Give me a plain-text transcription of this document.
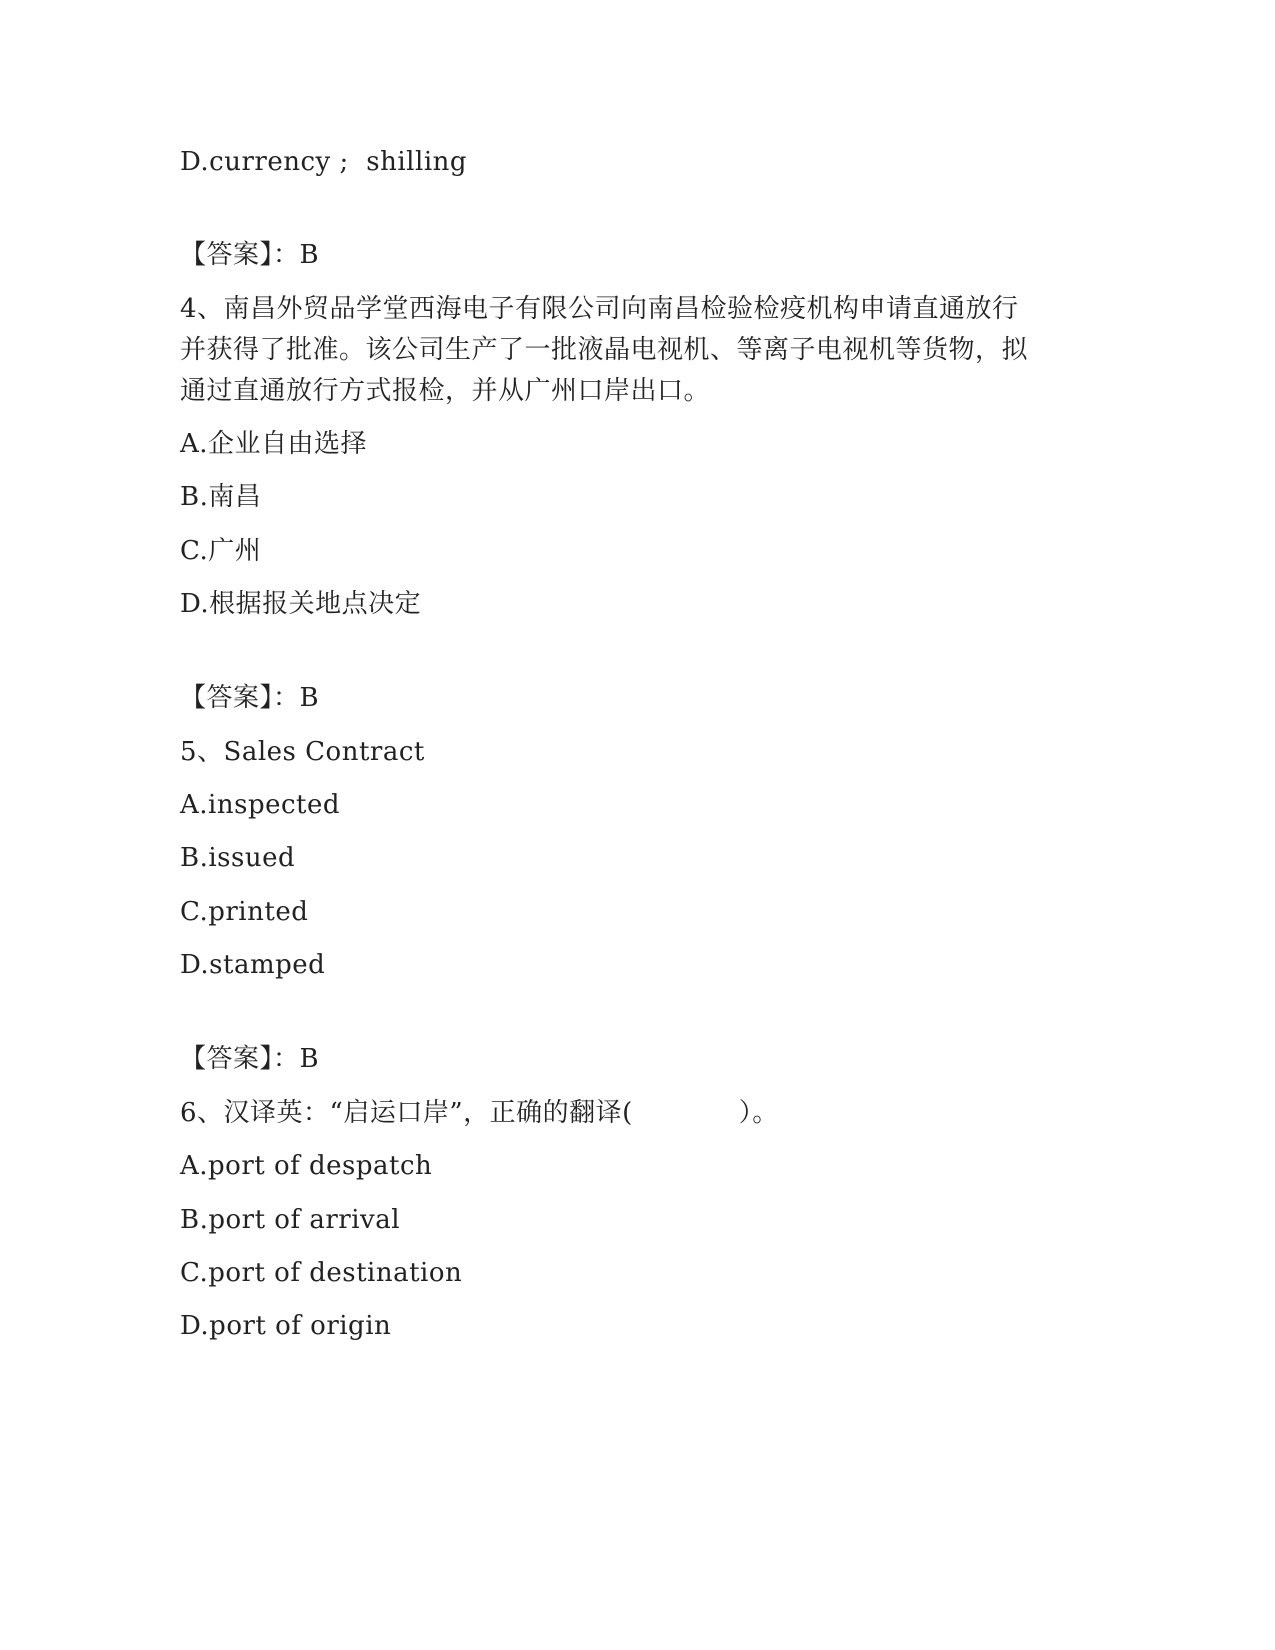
D.currency ;  shilling
【答案】：B
4、南昌外贸品学堂西海电子有限公司向南昌检验检疫机构申请直通放行并获得了批准。该公司生产了一批液晶电视机、等离子电视机等货物，拟通过直通放行方式报检，并从广州口岸出口。
A.企业自由选择
B.南昌
C.广州
D.根据报关地点决定
【答案】：B
5、Sales Contract
A.inspected
B.issued
C.printed
D.stamped
【答案】：B
6、汉译英：“启运口岸”，正确的翻译(　　　　）。
A.port of despatch
B.port of arrival
C.port of destination
D.port of origin
